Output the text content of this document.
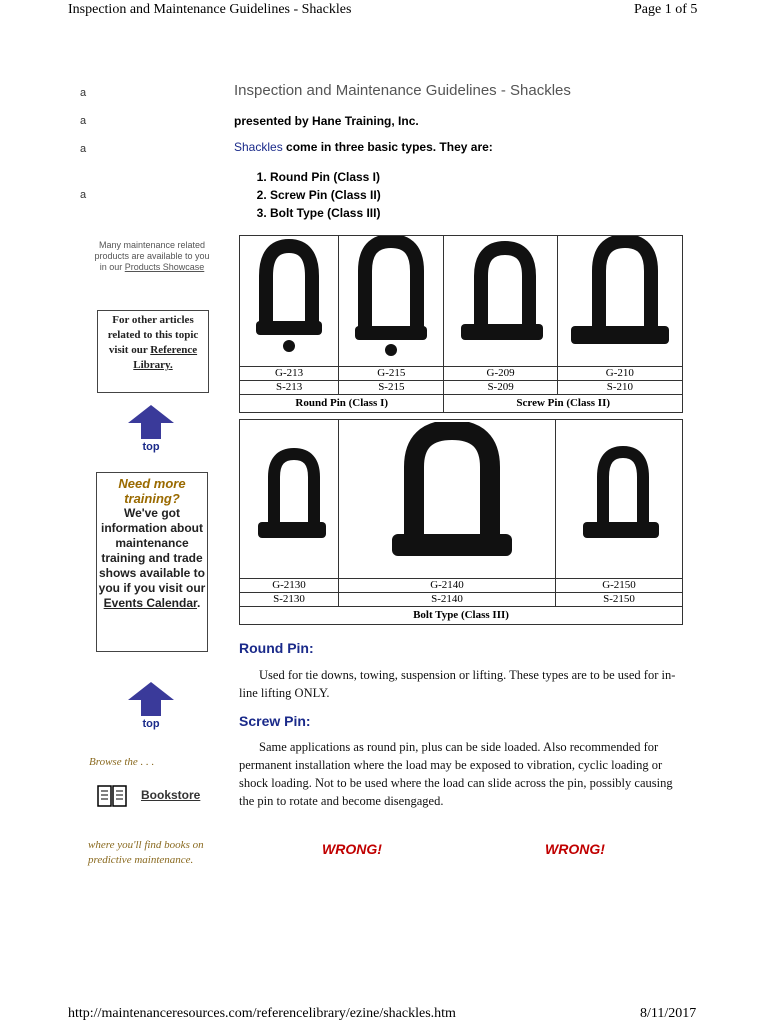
Inspection and Maintenance Guidelines - Shackles	Page 1 of 5
a
a
a
a
Inspection and Maintenance Guidelines - Shackles
presented by Hane Training, Inc.
Shackles come in three basic types. They are:
1. Round Pin (Class I)
2. Screw Pin (Class II)
3. Bolt Type (Class III)
Many maintenance related products are available to you in our Products Showcase
For other articles related to this topic visit our Reference Library.
top
Need more training?
We've got information about maintenance training and trade shows available to you if you visit our Events Calendar.
top
Browse the . . .
Bookstore
where you'll find books on predictive maintenance.

G-213	G-215	G-209	G-210
S-213	S-215	S-209	S-210
Round Pin (Class I)		Screw Pin (Class II)	

G-2130	G-2140	G-2150
S-2130	S-2140	S-2150
Bolt Type (Class III)		
Round Pin:
Used for tie downs, towing, suspension or lifting. These types are to be used for in-line lifting ONLY.
Screw Pin:
Same applications as round pin, plus can be side loaded. Also recommended for permanent installation where the load may be exposed to vibration, cyclic loading or shock loading. Not to be used where the load can slide across the pin, possibly causing the pin to rotate and become disengaged.
WRONG!	WRONG!
http://maintenanceresources.com/referencelibrary/ezine/shackles.htm	8/11/2017
